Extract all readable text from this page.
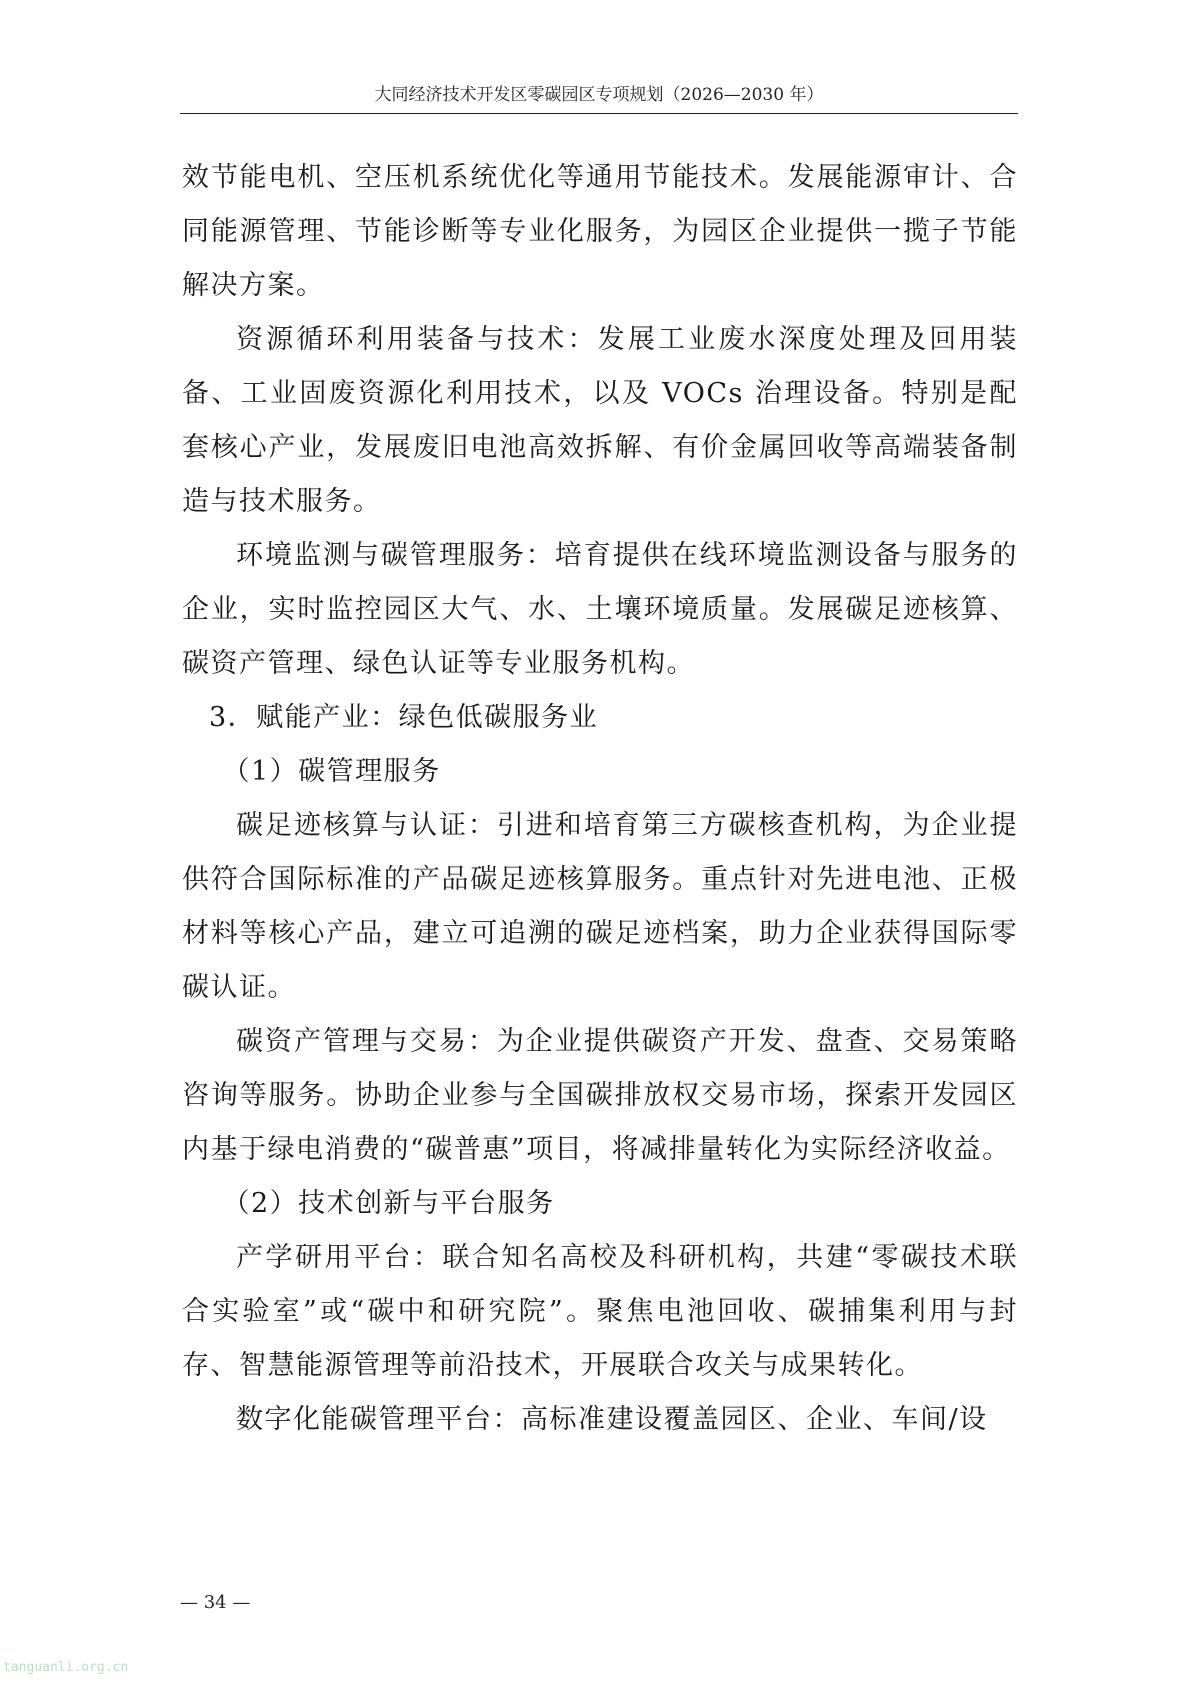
大同经济技术开发区零碳园区专项规划（2026—2030 年）

效节能电机、空压机系统优化等通用节能技术。发展能源审计、合同能源管理、节能诊断等专业化服务，为园区企业提供一揽子节能解决方案。

资源循环利用装备与技术：发展工业废水深度处理及回用装备、工业固废资源化利用技术，以及 VOCs 治理设备。特别是配套核心产业，发展废旧电池高效拆解、有价金属回收等高端装备制造与技术服务。

环境监测与碳管理服务：培育提供在线环境监测设备与服务的企业，实时监控园区大气、水、土壤环境质量。发展碳足迹核算、碳资产管理、绿色认证等专业服务机构。

3．赋能产业：绿色低碳服务业

（1）碳管理服务

碳足迹核算与认证：引进和培育第三方碳核查机构，为企业提供符合国际标准的产品碳足迹核算服务。重点针对先进电池、正极材料等核心产品，建立可追溯的碳足迹档案，助力企业获得国际零碳认证。

碳资产管理与交易：为企业提供碳资产开发、盘查、交易策略咨询等服务。协助企业参与全国碳排放权交易市场，探索开发园区内基于绿电消费的“碳普惠”项目，将减排量转化为实际经济收益。

（2）技术创新与平台服务

产学研用平台：联合知名高校及科研机构，共建“零碳技术联合实验室”或“碳中和研究院”。聚焦电池回收、碳捕集利用与封存、智慧能源管理等前沿技术，开展联合攻关与成果转化。

数字化能碳管理平台：高标准建设覆盖园区、企业、车间/设

— 34 —
tanguanli.org.cn
